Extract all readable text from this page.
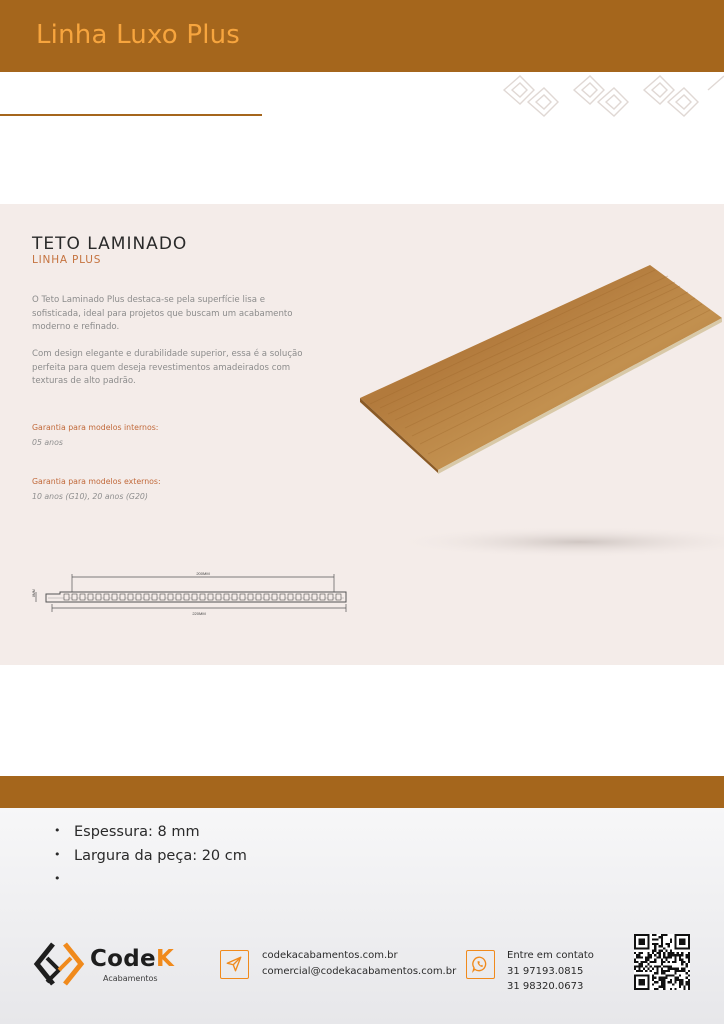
Linha Luxo Plus
TETO LAMINADO
LINHA PLUS
O Teto Laminado Plus destaca-se pela superfície lisa e sofisticada, ideal para projetos que buscam um acabamento moderno e refinado.
Com design elegante e durabilidade superior, essa é a solução perfeita para quem deseja revestimentos amadeirados com texturas de alto padrão.
Garantia para modelos internos:
05 anos
Garantia para modelos externos:
10 anos (G10), 20 anos (G20)
200MM
220MM
8MM
• Espessura: 8 mm
• Largura da peça: 20 cm
•
CodeK
Acabamentos
codekacabamentos.com.br
comercial@codekacabamentos.com.br
Entre em contato
31 97193.0815
31 98320.0673
